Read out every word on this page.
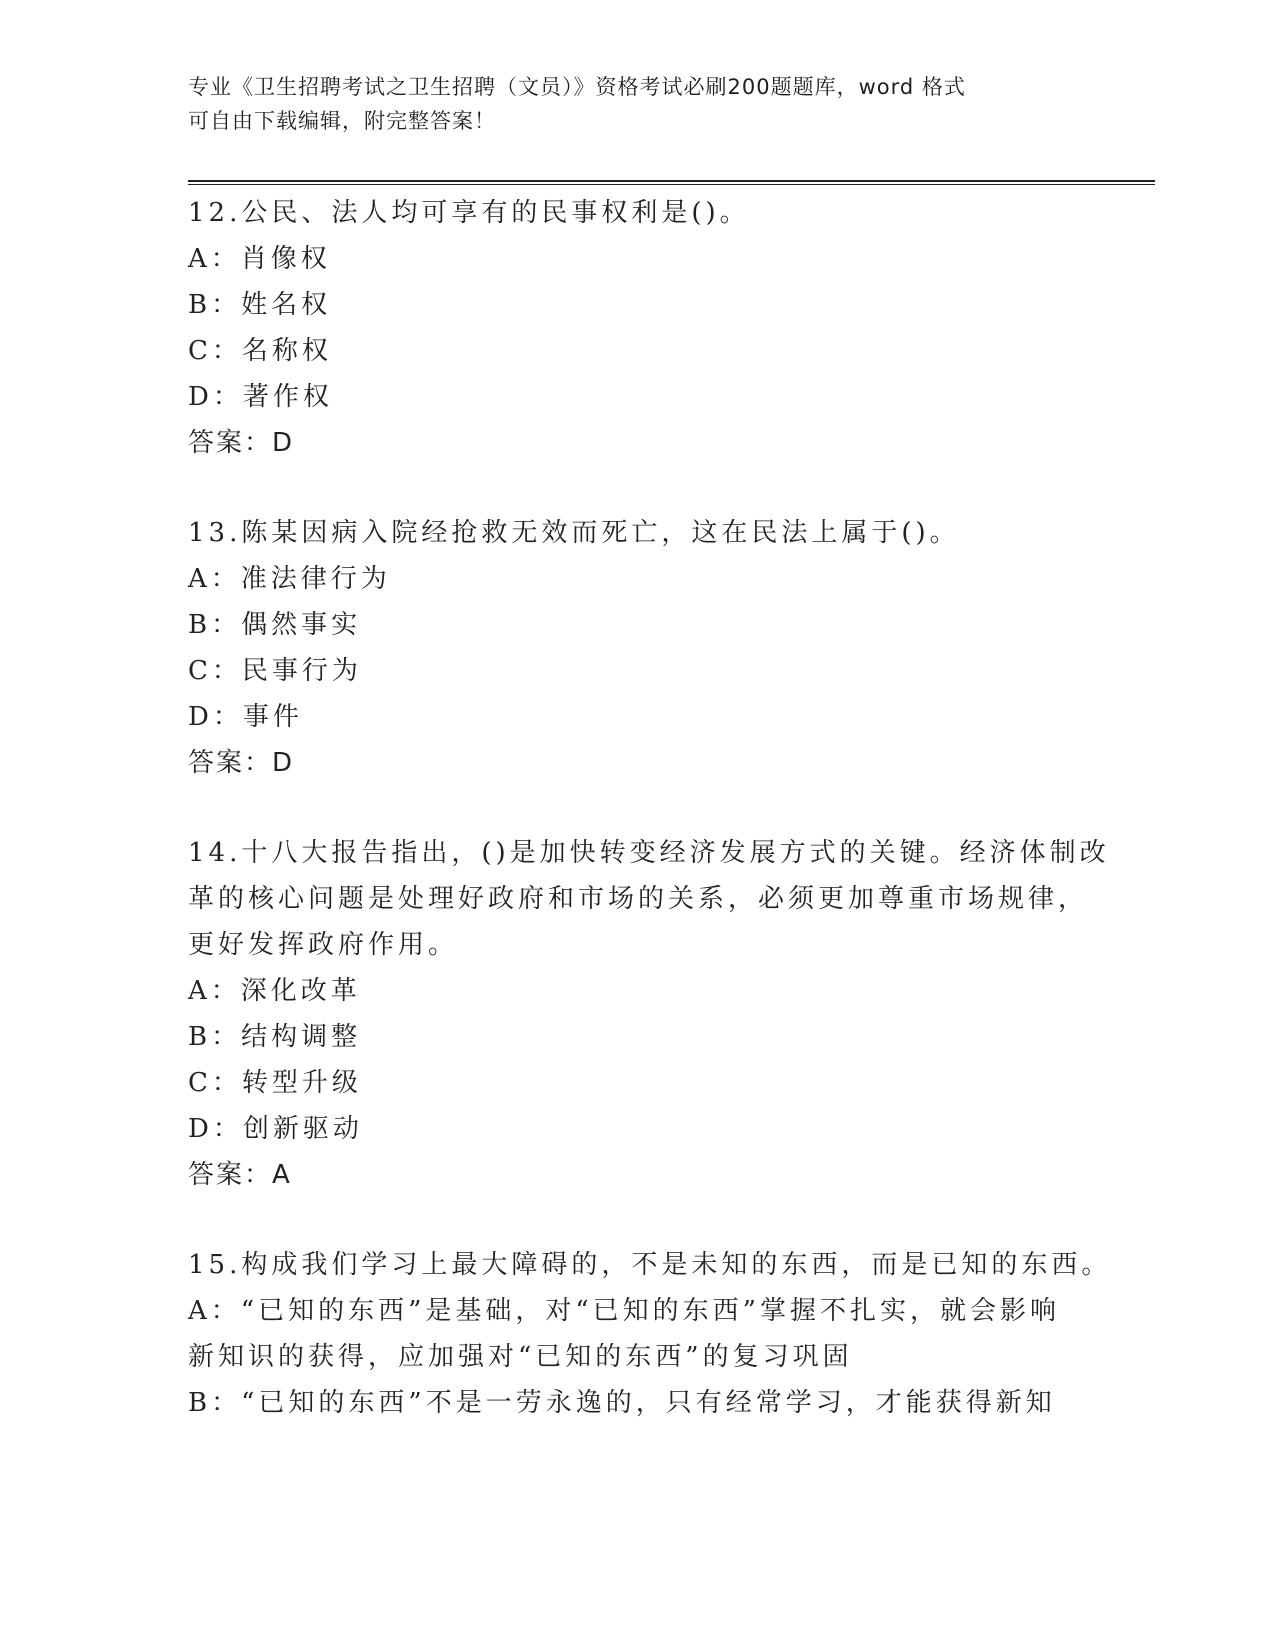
专业《卫生招聘考试之卫生招聘（文员）》资格考试必刷200题题库，word 格式
可自由下载编辑，附完整答案！
12.公民、法人均可享有的民事权利是()。
A：肖像权
B：姓名权
C：名称权
D：著作权
答案：D
13.陈某因病入院经抢救无效而死亡，这在民法上属于()。
A：准法律行为
B：偶然事实
C：民事行为
D：事件
答案：D
14.十八大报告指出，()是加快转变经济发展方式的关键。经济体制改
革的核心问题是处理好政府和市场的关系，必须更加尊重市场规律，
更好发挥政府作用。
A：深化改革
B：结构调整
C：转型升级
D：创新驱动
答案：A
15.构成我们学习上最大障碍的，不是未知的东西，而是已知的东西。
A：“已知的东西”是基础，对“已知的东西”掌握不扎实，就会影响
新知识的获得，应加强对“已知的东西”的复习巩固
B：“已知的东西”不是一劳永逸的，只有经常学习，才能获得新知
